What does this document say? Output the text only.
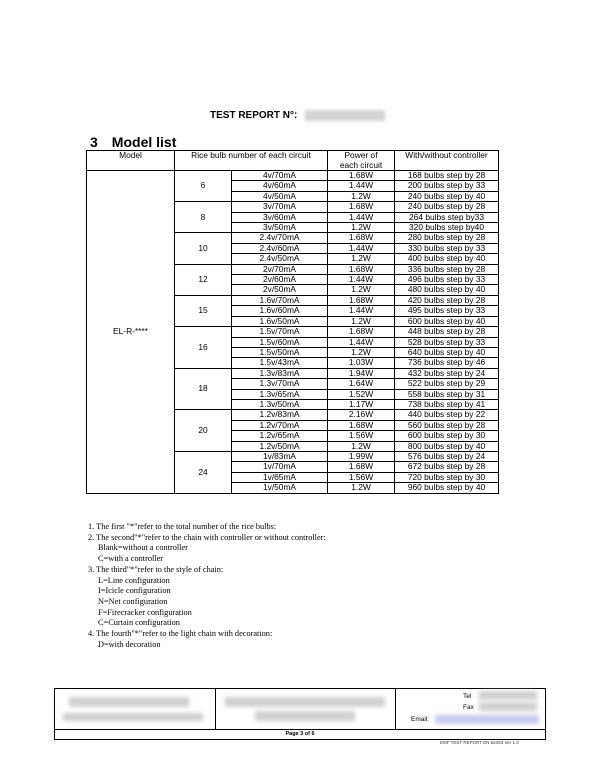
TEST REPORT N°:
3 Model list
Model	Rice bulb number of each circuit		Power of each circuit	With/without controller
EL-R-****	6	4v/70mA	1.68W	168 bulbs step by 28
		4v/60mA	1.44W	200 bulbs step by 33
		4v/50mA	1.2W	240 bulbs step by 40
	8	3v/70mA	1.68W	240 bulbs step by 28
		3v/60mA	1.44W	264 bulbs step by33
		3v/50mA	1.2W	320 bulbs step by40
	10	2.4v/70mA	1.68W	280 bulbs step by 28
		2.4v/60mA	1.44W	330 bulbs step by 33
		2.4v/50mA	1.2W	400 bulbs step by 40
	12	2v/70mA	1.68W	336 bulbs step by 28
		2v/60mA	1.44W	496 bulbs step by 33
		2v/50mA	1.2W	480 bulbs step by 40
	15	1.6v/70mA	1.68W	420 bulbs step by 28
		1.6v/60mA	1.44W	495 bulbs step by 33
		1.6v/50mA	1.2W	600 bulbs step by 40
	16	1.5v/70mA	1.68W	448 bulbs step by 28
		1.5v/60mA	1.44W	528 bulbs step by 33
		1.5v/50mA	1.2W	640 bulbs step by 40
		1.5v/43mA	1.03W	736 bulbs step by 46
	18	1.3v/83mA	1.94W	432 bulbs step by 24
		1.3v/70mA	1.64W	522 bulbs step by 29
		1.3v/65mA	1.52W	558 bulbs step by 31
		1.3v/50mA	1.17W	738 bulbs step by 41
	20	1.2v/83mA	2.16W	440 bulbs step by 22
		1.2v/70mA	1.68W	560 bulbs step by 28
		1.2v/65mA	1.56W	600 bulbs step by 30
		1.2v/50mA	1.2W	800 bulbs step by 40
	24	1v/83mA	1.99W	576 bulbs step by 24
		1v/70mA	1.68W	672 bulbs step by 28
		1v/65mA	1.56W	720 bulbs step by 30
		1v/50mA	1.2W	960 bulbs step by 40
1. The first "*"refer to the total number of the rice bulbs:
2. The second"*"refer to the chain with controller or without controller:
Blank=without a controller
C=with a controller
3. The third"*"refer to the style of chain:
L=Line configuration
I=Icicle configuration
N=Net configuration
F=Firecracker configuration
C=Curtain configuration
4. The fourth"*"refer to the light chain with decoration:
D=with decoration
Tel
Fax
Email:
Page 3 of 6
EMF TEST REPORT EN 62493 Ver 1.0
